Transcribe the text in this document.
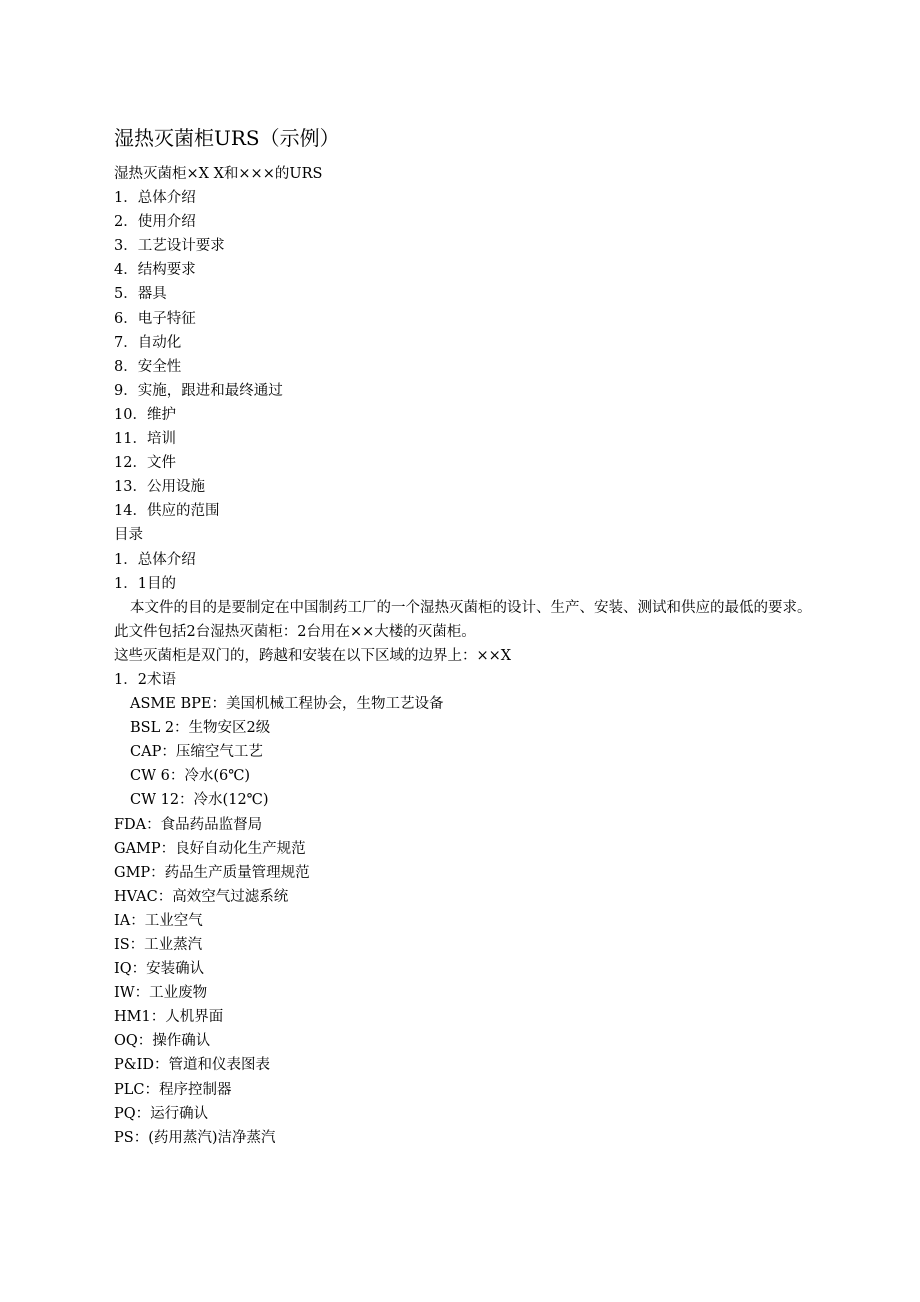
湿热灭菌柜URS（示例）
湿热灭菌柜×X X和×××的URS
1．总体介绍
2．使用介绍
3．工艺设计要求
4．结构要求
5．器具
6．电子特征
7．自动化
8．安全性
9．实施，跟进和最终通过
10．维护
11．培训
12．文件
13．公用设施
14．供应的范围
目录
1．总体介绍
1．1目的
本文件的目的是要制定在中国制药工厂的一个湿热灭菌柜的设计、生产、安装、测试和供应的最低的要求。
此文件包括2台湿热灭菌柜：2台用在××大楼的灭菌柜。
这些灭菌柜是双门的，跨越和安装在以下区域的边界上：××X
1．2术语
ASME BPE：美国机械工程协会，生物工艺设备
BSL 2：生物安区2级
CAP：压缩空气工艺
CW 6：冷水(6℃)
CW 12：冷水(12℃)
FDA：食品药品监督局
GAMP：良好自动化生产规范
GMP：药品生产质量管理规范
HVAC：高效空气过滤系统
IA：工业空气
IS：工业蒸汽
IQ：安装确认
IW：工业废物
HM1：人机界面
OQ：操作确认
P&ID：管道和仪表图表
PLC：程序控制器
PQ：运行确认
PS：(药用蒸汽)洁净蒸汽
